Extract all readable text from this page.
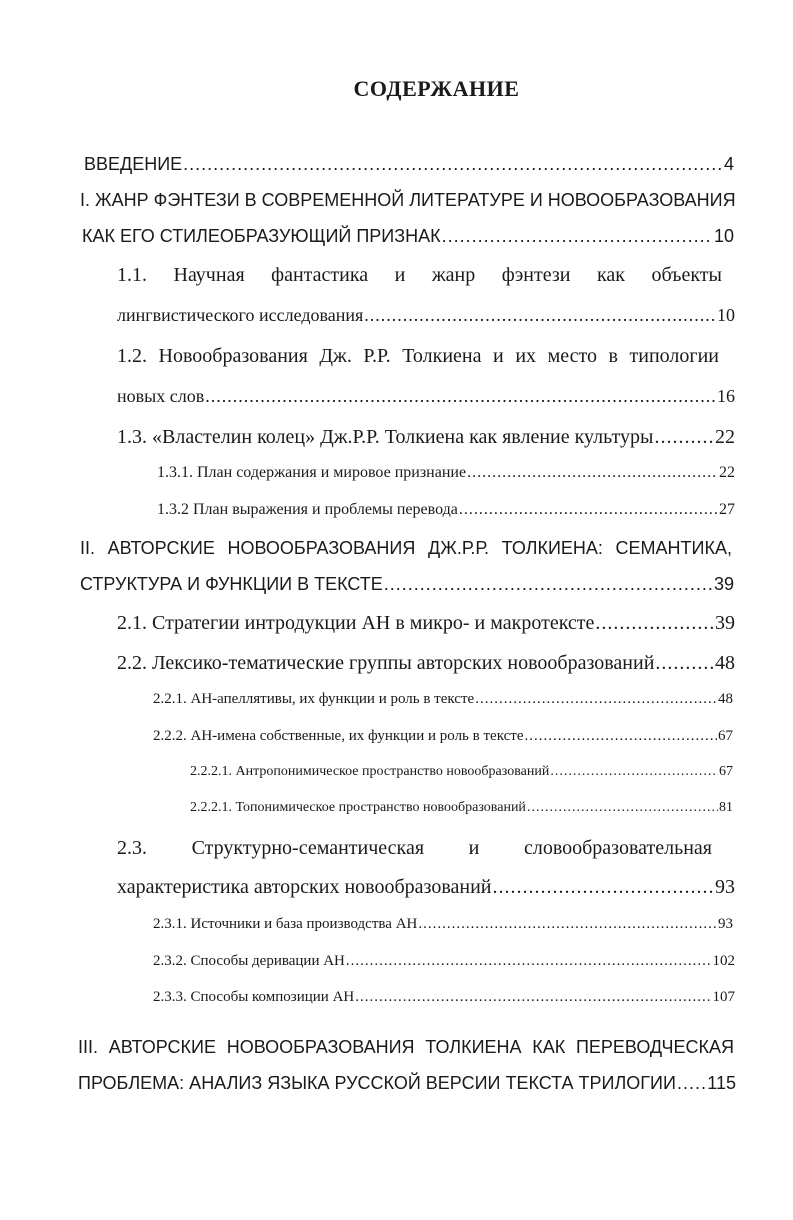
СОДЕРЖАНИЕ
ВВЕДЕНИЕ .....	4
I. ЖАНР ФЭНТЕЗИ В СОВРЕМЕННОЙ ЛИТЕРАТУРЕ И НОВООБРАЗОВАНИЯ
КАК ЕГО СТИЛЕОБРАЗУЮЩИЙ ПРИЗНАК .....	10
1.1. Научная фантастика и жанр фэнтези как объекты
лингвистического исследования .....	10
1.2. Новообразования Дж. Р.Р. Толкиена и их место в типологии
новых слов .....	16
1.3. «Властелин колец» Дж.Р.Р. Толкиена как явление культуры .....	22
1.3.1. План содержания и мировое признание .....	22
1.3.2 План выражения и проблемы перевода .....	27
II. АВТОРСКИЕ НОВООБРАЗОВАНИЯ ДЖ.Р.Р. ТОЛКИЕНА: СЕМАНТИКА,
СТРУКТУРА И ФУНКЦИИ В ТЕКСТЕ .....	39
2.1. Стратегии интродукции АН в микро- и макротексте .....	39
2.2. Лексико-тематические группы авторских новообразований .....	48
2.2.1. АН-апеллятивы, их функции и роль в тексте .....	48
2.2.2. АН-имена собственные, их функции и роль в тексте .....	67
2.2.2.1. Антропонимическое пространство новообразований .....	67
2.2.2.1. Топонимическое пространство новообразований .....	81
2.3. Структурно-семантическая и словообразовательная
характеристика авторских новообразований .....	93
2.3.1. Источники и база производства АН .....	93
2.3.2. Способы деривации АН .....	102
2.3.3. Способы композиции АН .....	107
III. АВТОРСКИЕ НОВООБРАЗОВАНИЯ ТОЛКИЕНА КАК ПЕРЕВОДЧЕСКАЯ
ПРОБЛЕМА: АНАЛИЗ ЯЗЫКА РУССКОЙ ВЕРСИИ ТЕКСТА ТРИЛОГИИ ..... 115
